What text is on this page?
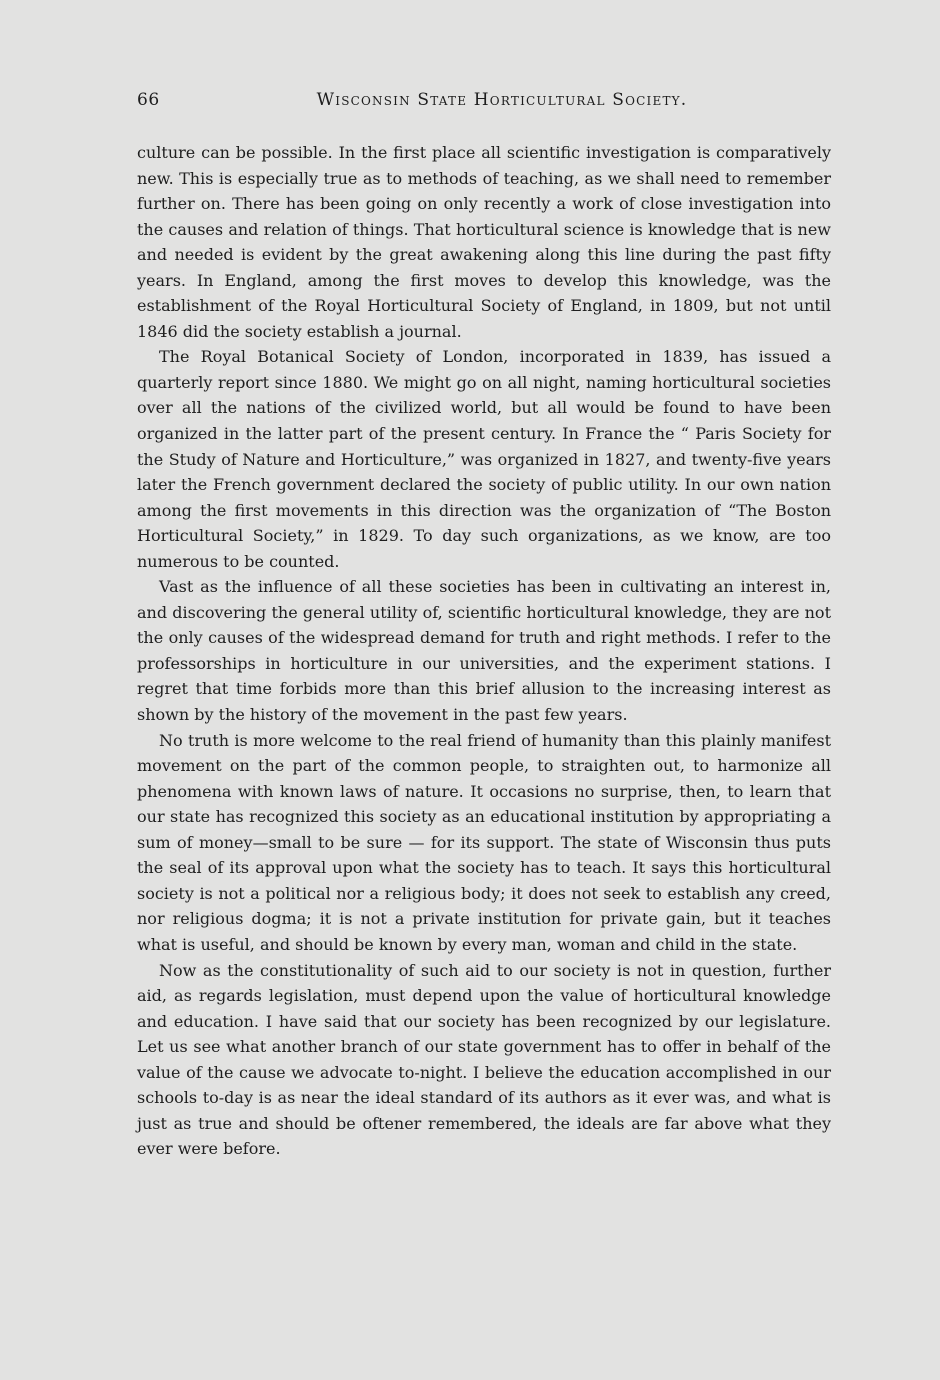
66	Wisconsin State Horticultural Society.

culture can be possible. In the first place all scientific investigation is comparatively new. This is especially true as to methods of teaching, as we shall need to remember further on. There has been going on only recently a work of close investigation into the causes and relation of things. That horticultural science is knowledge that is new and needed is evident by the great awakening along this line during the past fifty years. In England, among the first moves to develop this knowledge, was the establishment of the Royal Horticultural Society of England, in 1809, but not until 1846 did the society establish a journal.

The Royal Botanical Society of London, incorporated in 1839, has issued a quarterly report since 1880. We might go on all night, naming horticultural societies over all the nations of the civilized world, but all would be found to have been organized in the latter part of the present century. In France the “ Paris Society for the Study of Nature and Horticulture,” was organized in 1827, and twenty-five years later the French government declared the society of public utility. In our own nation among the first movements in this direction was the organization of “The Boston Horticultural Society,” in 1829. To day such organizations, as we know, are too numerous to be counted.

Vast as the influence of all these societies has been in cultivating an interest in, and discovering the general utility of, scientific horticultural knowledge, they are not the only causes of the widespread demand for truth and right methods. I refer to the professorships in horticulture in our universities, and the experiment stations. I regret that time forbids more than this brief allusion to the increasing interest as shown by the history of the movement in the past few years.

No truth is more welcome to the real friend of humanity than this plainly manifest movement on the part of the common people, to straighten out, to harmonize all phenomena with known laws of nature. It occasions no surprise, then, to learn that our state has recognized this society as an educational institution by appropriating a sum of money—small to be sure — for its support. The state of Wisconsin thus puts the seal of its approval upon what the society has to teach. It says this horticultural society is not a political nor a religious body; it does not seek to establish any creed, nor religious dogma; it is not a private institution for private gain, but it teaches what is useful, and should be known by every man, woman and child in the state.

Now as the constitutionality of such aid to our society is not in question, further aid, as regards legislation, must depend upon the value of horticultural knowledge and education. I have said that our society has been recognized by our legislature. Let us see what another branch of our state government has to offer in behalf of the value of the cause we advocate to-night. I believe the education accomplished in our schools to-day is as near the ideal standard of its authors as it ever was, and what is just as true and should be oftener remembered, the ideals are far above what they ever were before.
